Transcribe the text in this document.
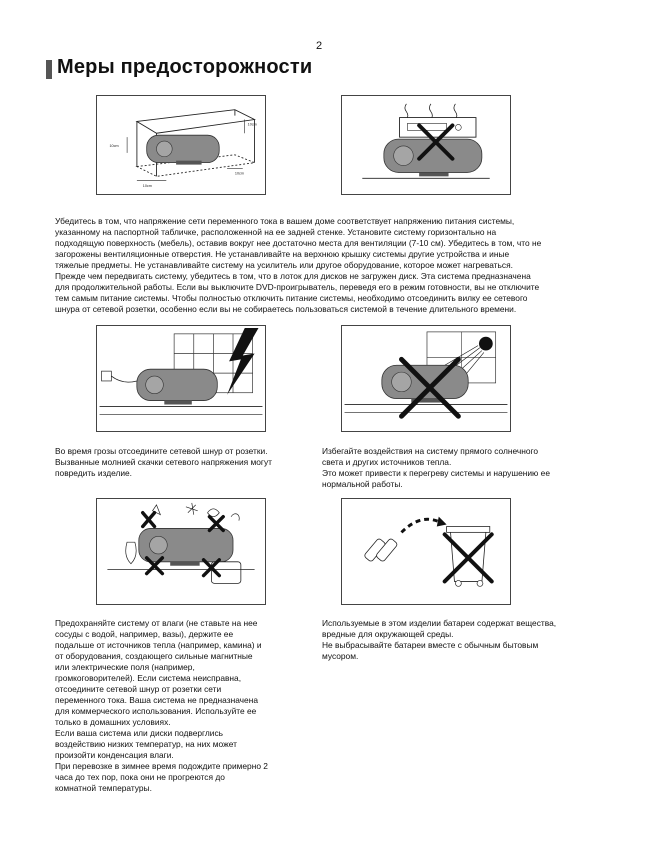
2
Меры предосторожности
10cm
10cm
10cm
10cm
Убедитесь в том, что напряжение сети переменного тока в вашем доме соответствует напряжению питания системы,
указанному на паспортной табличке, расположенной на ее задней стенке. Установите систему горизонтально на
подходящую поверхность (мебель), оставив вокруг нее достаточно места для вентиляции (7-10 см). Убедитесь в том, что не
загорожены вентиляционные отверстия. Не устанавливайте на верхнюю крышку системы другие устройства и иные
тяжелые предметы. Не устанавливайте систему на усилитель или другое оборудование, которое может нагреваться.
Прежде чем передвигать систему, убедитесь в том, что в лоток для дисков не загружен диск. Эта система предназначена
для продолжительной работы. Если вы выключите DVD-проигрыватель, переведя его в режим готовности, вы не отключите
тем самым питание системы. Чтобы полностью отключить питание системы, необходимо отсоединить вилку ее сетевого
шнура от сетевой розетки, особенно если вы не собираетесь пользоваться системой в течение длительного времени.
Во время грозы отсоедините сетевой шнур от розетки.
Вызванные молнией скачки сетевого напряжения могут
повредить изделие.
Избегайте воздействия на систему прямого солнечного
света и других источников тепла.
Это может привести к перегреву системы и нарушению ее
нормальной работы.
Предохраняйте систему от влаги (не ставьте на нее
сосуды с водой, например, вазы), держите ее
подальше от источников тепла (например, камина) и
от оборудования, создающего сильные магнитные
или электрические поля (например,
громкоговорителей). Если система неисправна,
отсоедините сетевой шнур от розетки сети
переменного тока. Ваша система не предназначена
для коммерческого использования. Используйте ее
только в домашних условиях.
Если ваша система или диски подверглись
воздействию низких температур, на них может
произойти конденсация влаги.
При перевозке в зимнее время подождите примерно 2
часа до тех пор, пока они не прогреются до
комнатной температуры.
Используемые в этом изделии батареи содержат вещества,
вредные для окружающей среды.
Не выбрасывайте батареи вместе с обычным бытовым
мусором.
